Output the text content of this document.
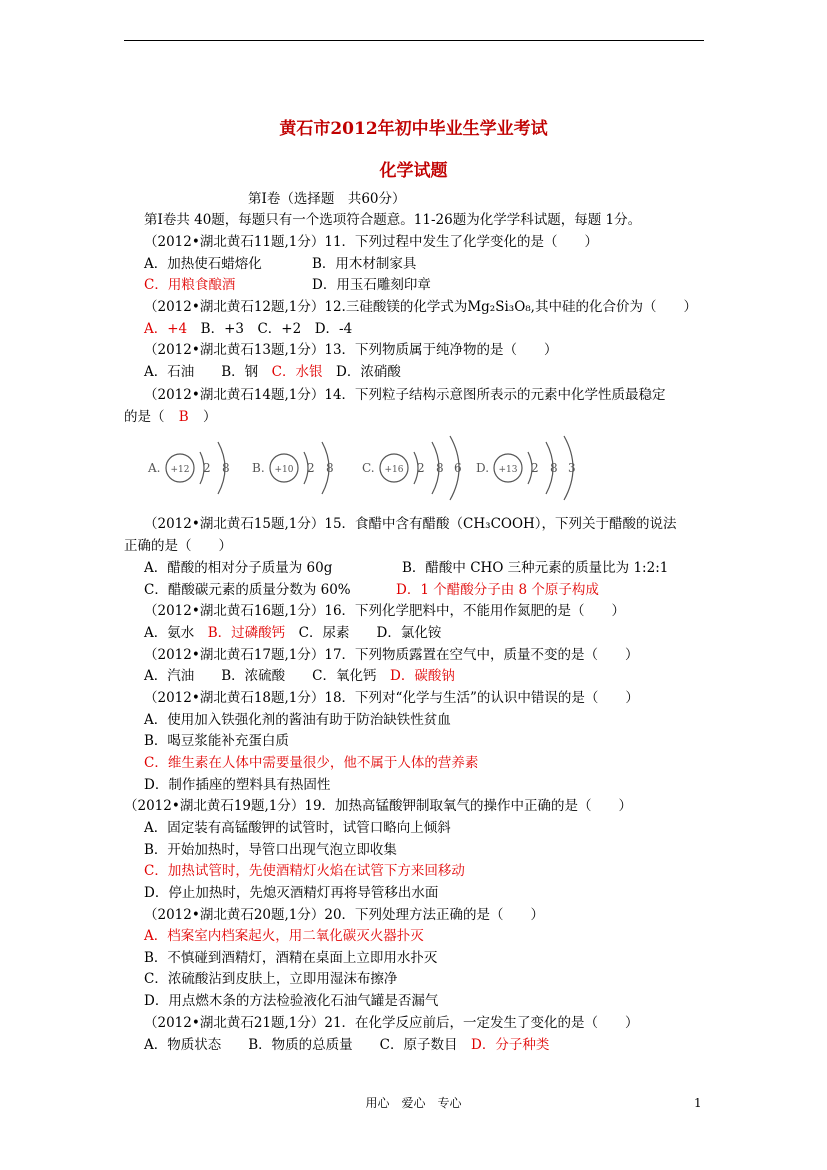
黄石市2012年初中毕业生学业考试
化学试题
第Ⅰ卷（选择题　共60分）
第Ⅰ卷共 40题，每题只有一个选项符合题意。11-26题为化学学科试题，每题 1分。
（2012•湖北黄石11题,1分）11．下列过程中发生了化学变化的是（　　）
A．加热使石蜡熔化	B．用木材制家具
C．用粮食酿酒	D．用玉石雕刻印章
（2012•湖北黄石12题,1分）12.三硅酸镁的化学式为Mg₂Si₃O₈,其中硅的化合价为（　　）
A．+4　B．+3　C．+2　D．-4
（2012•湖北黄石13题,1分）13．下列物质属于纯净物的是（　　）
A．石油　　B．钢　C．水银　D．浓硝酸
（2012•湖北黄石14题,1分）14．下列粒子结构示意图所表示的元素中化学性质最稳定
的是（ B ）
A. +12 2 8 B. +10 2 8 C. +16 2 8 6 D. +13 2 8 3
（2012•湖北黄石15题,1分）15．食醋中含有醋酸（CH₃COOH），下列关于醋酸的说法
正确的是（　　）
A．醋酸的相对分子质量为 60g	B．醋酸中 CHO 三种元素的质量比为 1:2:1
C．醋酸碳元素的质量分数为 60%	D．1 个醋酸分子由 8 个原子构成
（2012•湖北黄石16题,1分）16．下列化学肥料中，不能用作氮肥的是（　　）
A．氨水　B．过磷酸钙　C．尿素　　D．氯化铵
（2012•湖北黄石17题,1分）17．下列物质露置在空气中，质量不变的是（　　）
A．汽油　　B．浓硫酸　　C．氧化钙　D．碳酸钠
（2012•湖北黄石18题,1分）18．下列对“化学与生活”的认识中错误的是（　　）
A．使用加入铁强化剂的酱油有助于防治缺铁性贫血
B．喝豆浆能补充蛋白质
C．维生素在人体中需要量很少，他不属于人体的营养素
D．制作插座的塑料具有热固性
（2012•湖北黄石19题,1分）19．加热高锰酸钾制取氧气的操作中正确的是（　　）
A．固定装有高锰酸钾的试管时，试管口略向上倾斜
B．开始加热时，导管口出现气泡立即收集
C．加热试管时，先使酒精灯火焰在试管下方来回移动
D．停止加热时，先熄灭酒精灯再将导管移出水面
（2012•湖北黄石20题,1分）20．下列处理方法正确的是（　　）
A．档案室内档案起火，用二氧化碳灭火器扑灭
B．不慎碰到酒精灯，酒精在桌面上立即用水扑灭
C．浓硫酸沾到皮肤上，立即用湿沫布擦净
D．用点燃木条的方法检验液化石油气罐是否漏气
（2012•湖北黄石21题,1分）21．在化学反应前后，一定发生了变化的是（　　）
A．物质状态　　B．物质的总质量　　C．原子数目　D．分子种类
用心　爱心　专心	1
